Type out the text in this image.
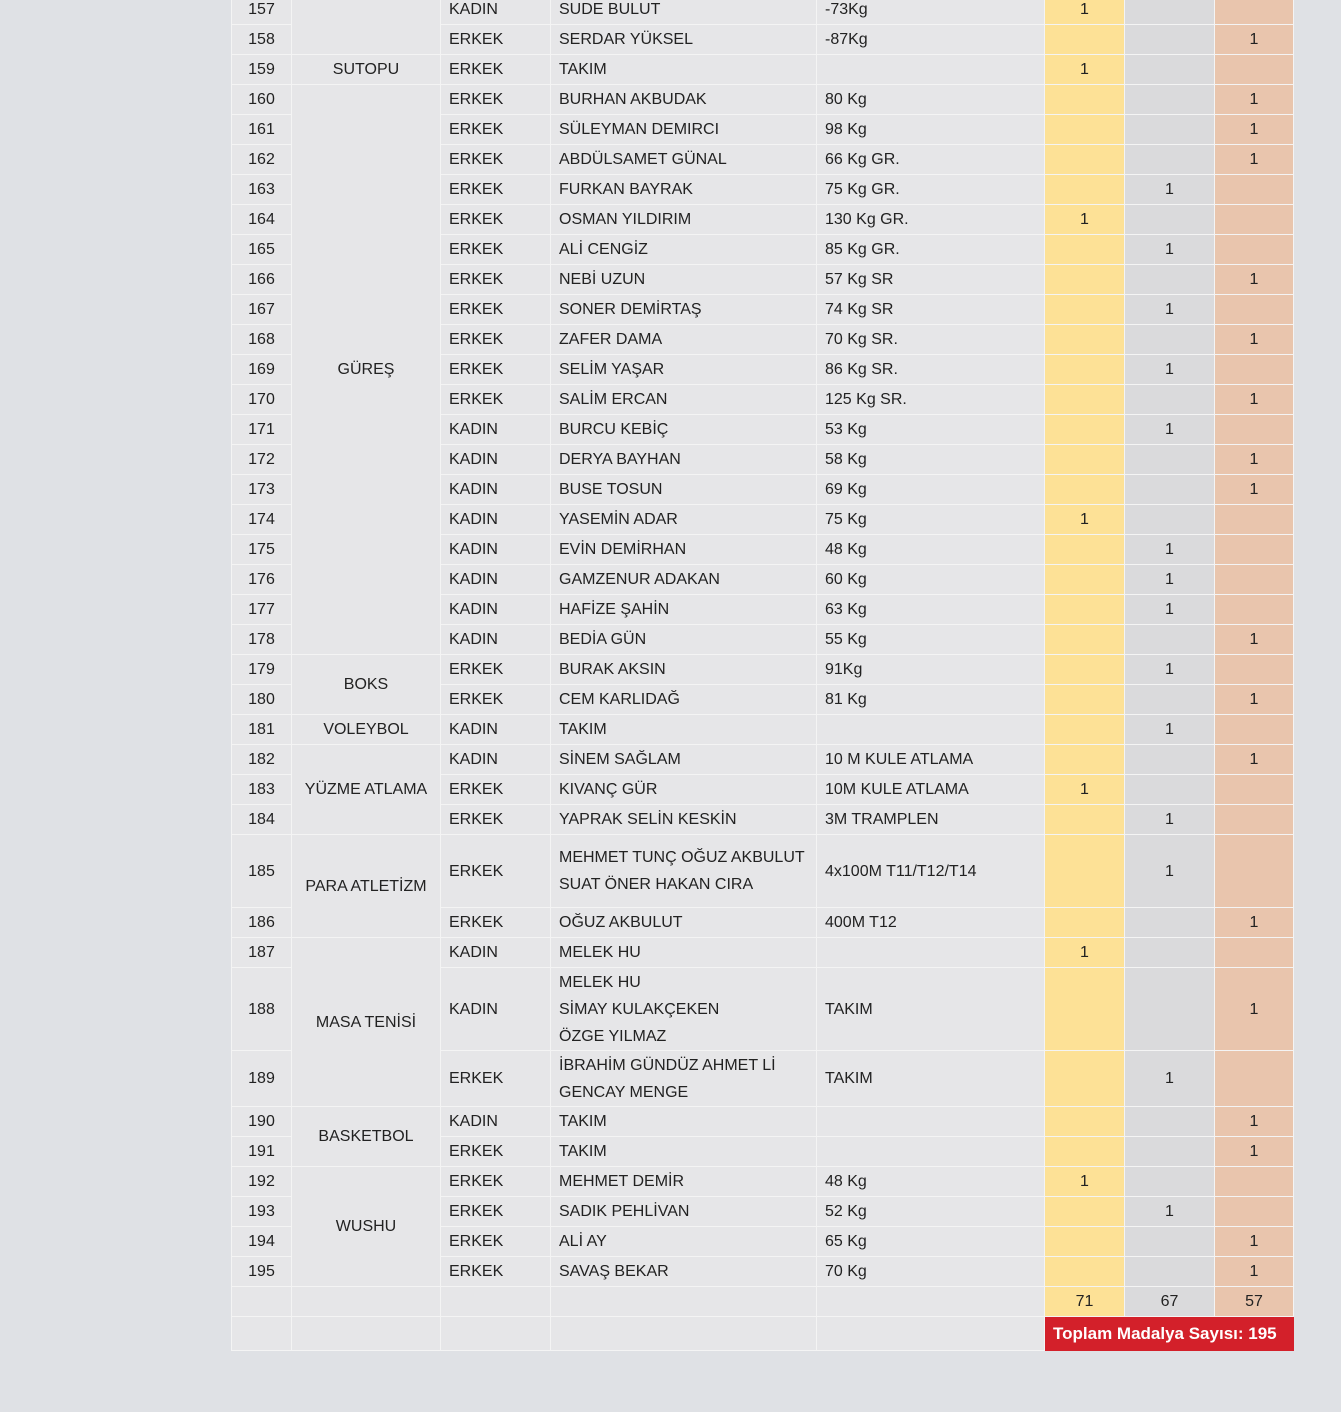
157		KADIN	SUDE BULUT	-73Kg	1		
158		ERKEK	SERDAR YÜKSEL	-87Kg			1
159	SUTOPU	ERKEK	TAKIM		1		
160	GÜREŞ	ERKEK	BURHAN AKBUDAK	80 Kg			1
161		ERKEK	SÜLEYMAN DEMIRCI	98 Kg			1
162		ERKEK	ABDÜLSAMET GÜNAL	66 Kg GR.			1
163		ERKEK	FURKAN BAYRAK	75 Kg GR.		1	
164		ERKEK	OSMAN YILDIRIM	130 Kg GR.	1		
165		ERKEK	ALİ CENGİZ	85 Kg GR.		1	
166		ERKEK	NEBİ UZUN	57 Kg SR			1
167		ERKEK	SONER DEMİRTAŞ	74 Kg SR		1	
168		ERKEK	ZAFER DAMA	70 Kg SR.			1
169		ERKEK	SELİM YAŞAR	86 Kg SR.		1	
170		ERKEK	SALİM ERCAN	125 Kg SR.			1
171		KADIN	BURCU KEBİÇ	53 Kg		1	
172		KADIN	DERYA BAYHAN	58 Kg			1
173		KADIN	BUSE TOSUN	69 Kg			1
174		KADIN	YASEMİN ADAR	75 Kg	1		
175		KADIN	EVİN DEMİRHAN	48 Kg		1	
176		KADIN	GAMZENUR ADAKAN	60 Kg		1	
177		KADIN	HAFİZE ŞAHİN	63 Kg		1	
178		KADIN	BEDİA GÜN	55 Kg			1
179	BOKS	ERKEK	BURAK AKSIN	91Kg		1	
180		ERKEK	CEM KARLIDAĞ	81 Kg			1
181	VOLEYBOL	KADIN	TAKIM			1	
182	YÜZME ATLAMA	KADIN	SİNEM SAĞLAM	10 M KULE ATLAMA			1
183		ERKEK	KIVANÇ GÜR	10M KULE ATLAMA	1		
184		ERKEK	YAPRAK SELİN KESKİN	3M TRAMPLEN		1	
185	PARA ATLETİZM	ERKEK	MEHMET TUNÇ OĞUZ AKBULUT
SUAT ÖNER HAKAN CIRA	4x100M T11/T12/T14		1	
186		ERKEK	OĞUZ AKBULUT	400M T12			1
187	MASA TENİSİ	KADIN	MELEK HU		1		
188		KADIN	MELEK HU
SİMAY KULAKÇEKEN
ÖZGE YILMAZ	TAKIM			1
189		ERKEK	İBRAHİM GÜNDÜZ AHMET Lİ
GENCAY MENGE	TAKIM		1	
190	BASKETBOL	KADIN	TAKIM				1
191		ERKEK	TAKIM				1
192	WUSHU	ERKEK	MEHMET DEMİR	48 Kg	1		
193		ERKEK	SADIK PEHLİVAN	52 Kg		1	
194		ERKEK	ALİ AY	65 Kg			1
195		ERKEK	SAVAŞ BEKAR	70 Kg			1
					71	67	57
					Toplam Madalya Sayısı: 195		
